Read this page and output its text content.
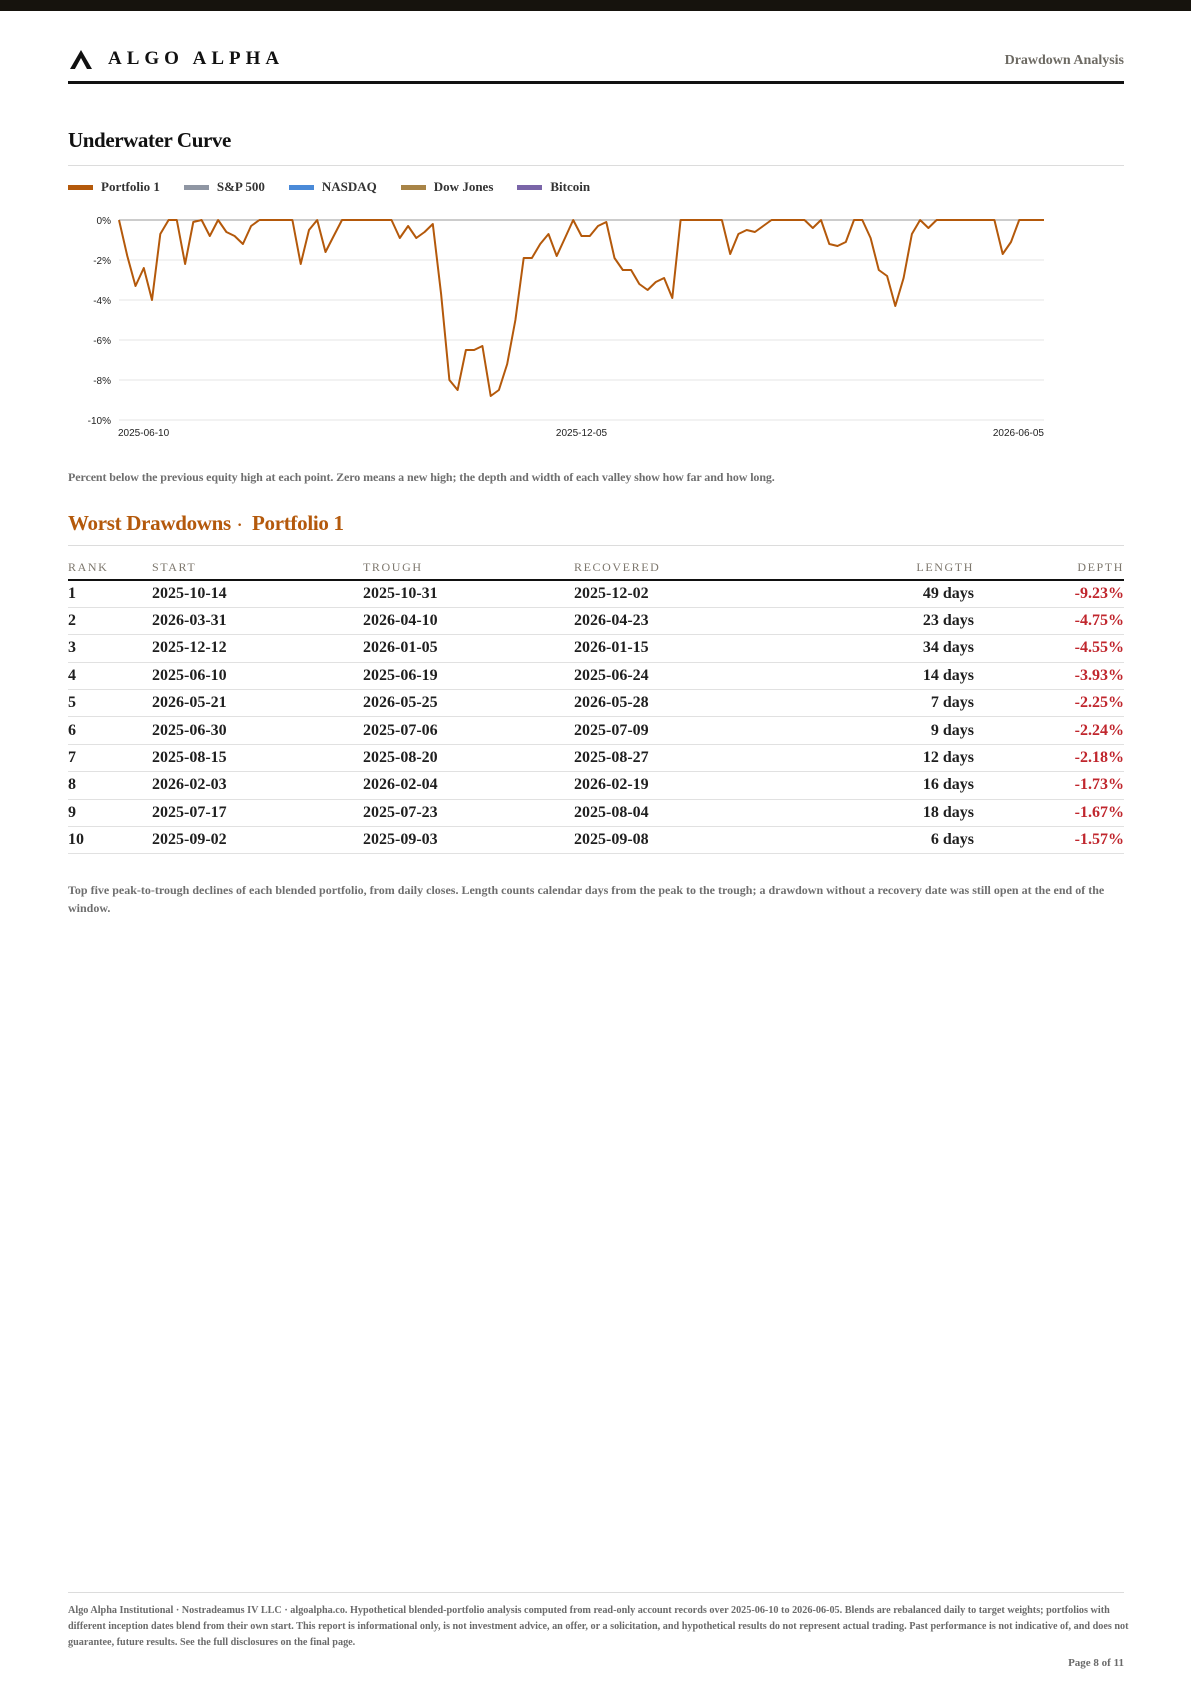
ALGO ALPHA	Drawdown Analysis
Underwater Curve
Portfolio 1	S&P 500	NASDAQ	Dow Jones	Bitcoin
0%
-2%
-4%
-6%
-8%
-10%
2025-06-10	2025-12-05	2026-06-05
Percent below the previous equity high at each point. Zero means a new high; the depth and width of each valley show how far and how long.
Worst Drawdowns · Portfolio 1
RANK	START	TROUGH	RECOVERED	LENGTH	DEPTH
1	2025-10-14	2025-10-31	2025-12-02	49 days	-9.23%
2	2026-03-31	2026-04-10	2026-04-23	23 days	-4.75%
3	2025-12-12	2026-01-05	2026-01-15	34 days	-4.55%
4	2025-06-10	2025-06-19	2025-06-24	14 days	-3.93%
5	2026-05-21	2026-05-25	2026-05-28	7 days	-2.25%
6	2025-06-30	2025-07-06	2025-07-09	9 days	-2.24%
7	2025-08-15	2025-08-20	2025-08-27	12 days	-2.18%
8	2026-02-03	2026-02-04	2026-02-19	16 days	-1.73%
9	2025-07-17	2025-07-23	2025-08-04	18 days	-1.67%
10	2025-09-02	2025-09-03	2025-09-08	6 days	-1.57%
Top five peak-to-trough declines of each blended portfolio, from daily closes. Length counts calendar days from the peak to the trough; a drawdown without a recovery date was still open at the end of the window.
Algo Alpha Institutional · Nostradeamus IV LLC · algoalpha.co. Hypothetical blended-portfolio analysis computed from read-only account records over 2025-06-10 to 2026-06-05. Blends are rebalanced daily to target weights; portfolios with different inception dates blend from their own start. This report is informational only, is not investment advice, an offer, or a solicitation, and hypothetical results do not represent actual trading. Past performance is not indicative of, and does not guarantee, future results. See the full disclosures on the final page.
Page 8 of 11
